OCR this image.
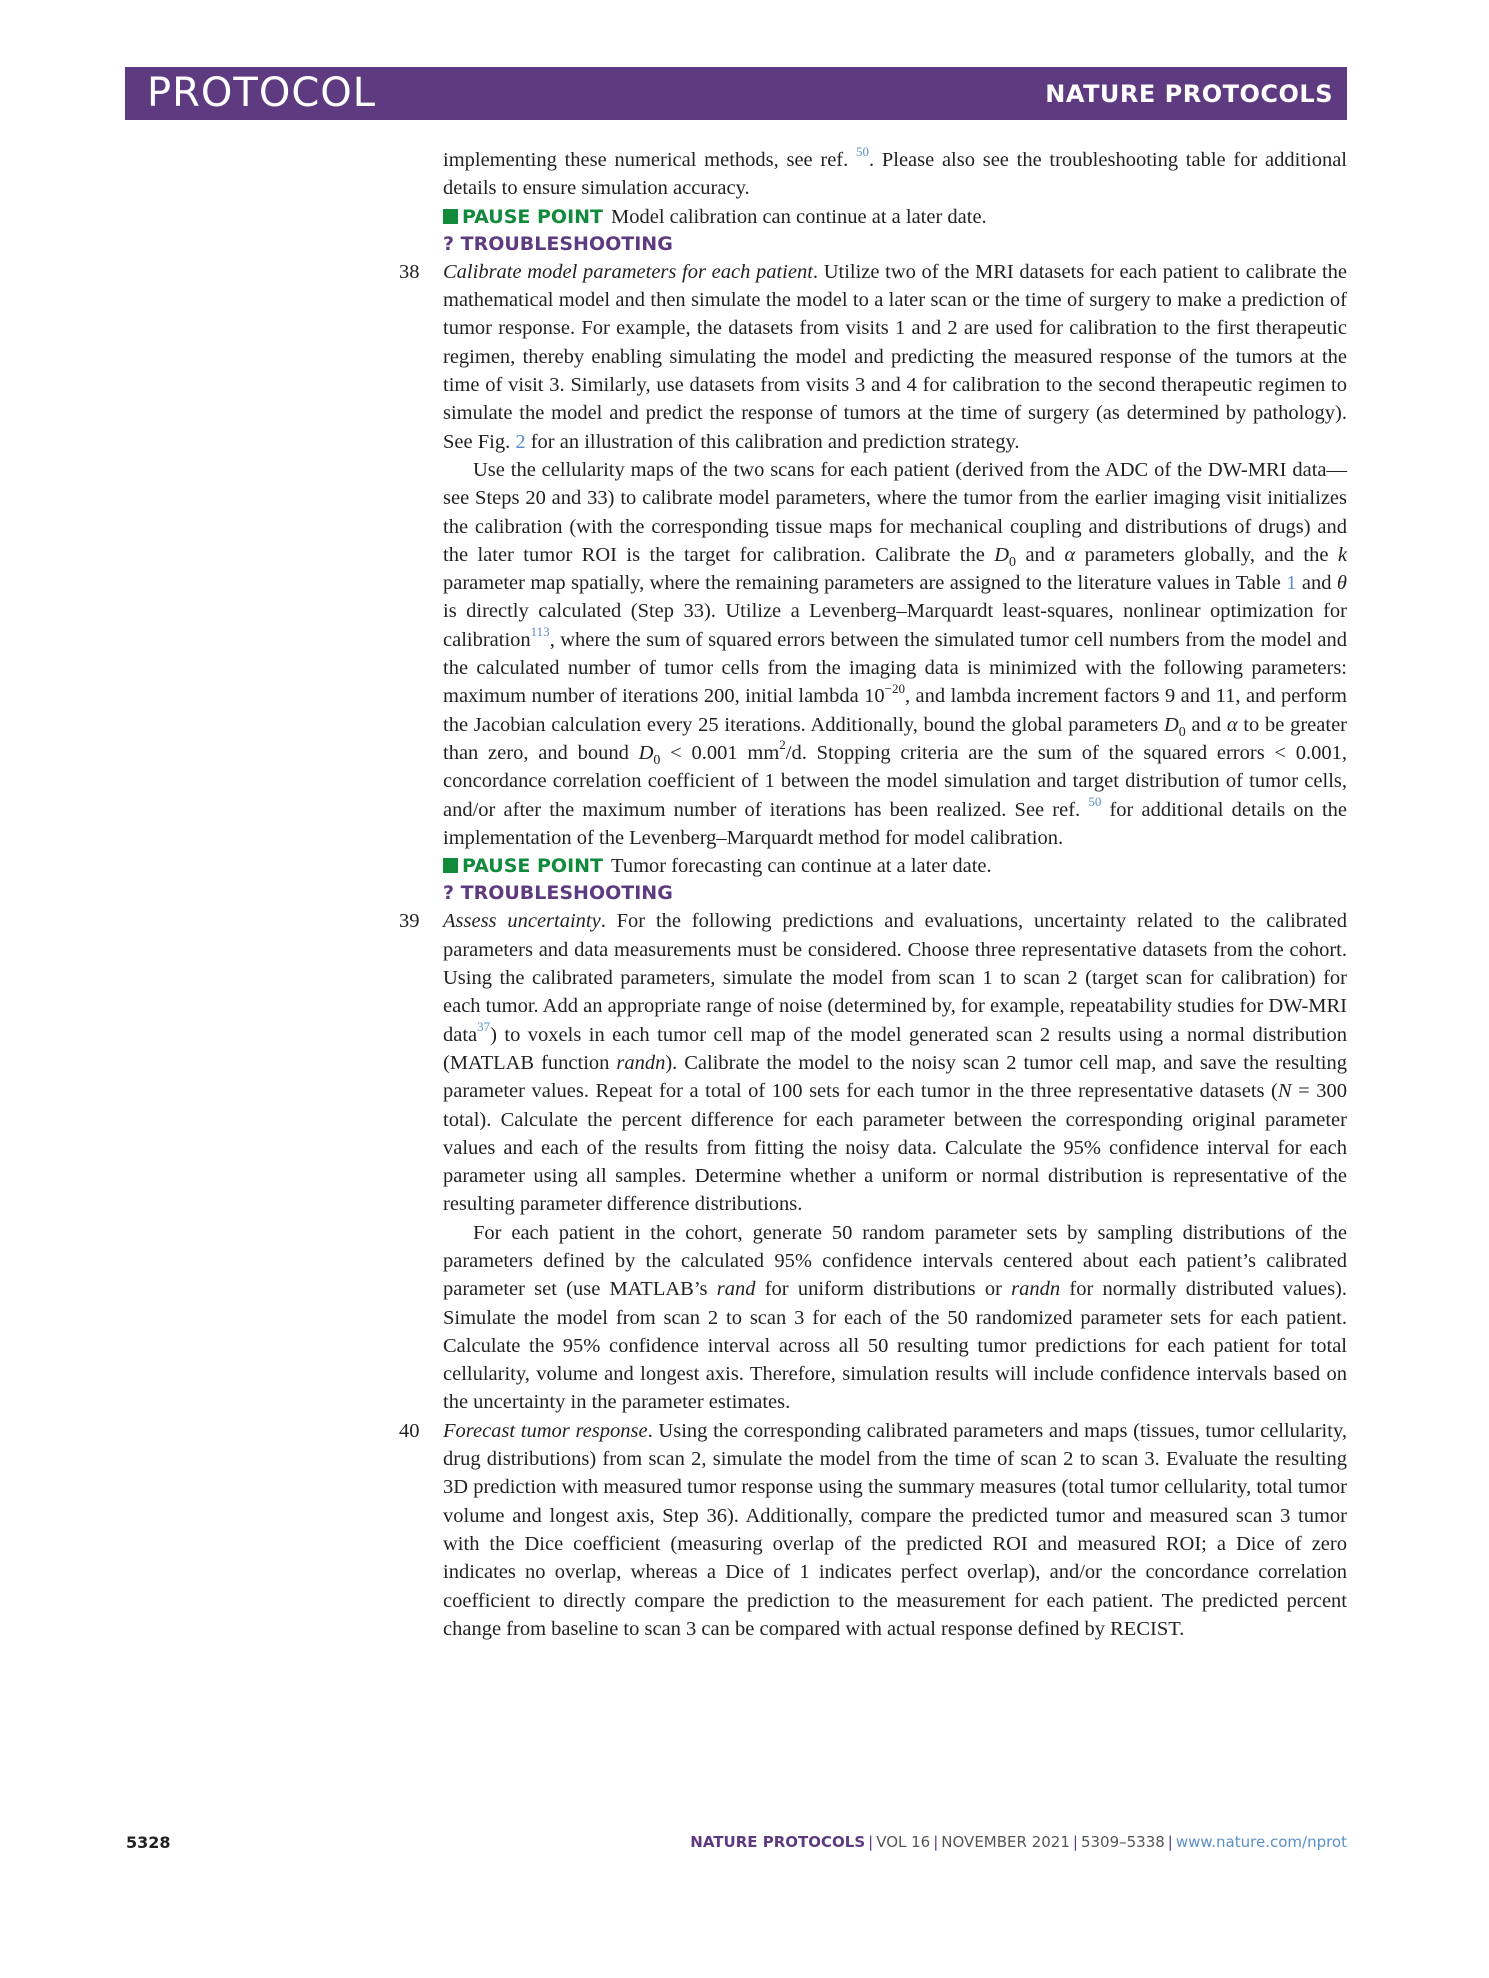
PROTOCOL	NATURE PROTOCOLS

implementing these numerical methods, see ref. $^{50}$. Please also see the troubleshooting table for additional details to ensure simulation accuracy.

PAUSE POINT Model calibration can continue at a later date.

? TROUBLESHOOTING

38 Calibrate model parameters for each patient. Utilize two of the MRI datasets for each patient to calibrate the mathematical model and then simulate the model to a later scan or the time of surgery to make a prediction of tumor response. For example, the datasets from visits 1 and 2 are used for calibration to the first therapeutic regimen, thereby enabling simulating the model and predicting the measured response of the tumors at the time of visit 3. Similarly, use datasets from visits 3 and 4 for calibration to the second therapeutic regimen to simulate the model and predict the response of tumors at the time of surgery (as determined by pathology). See Fig. 2 for an illustration of this calibration and prediction strategy.

Use the cellularity maps of the two scans for each patient (derived from the ADC of the DW-MRI data—see Steps 20 and 33) to calibrate model parameters, where the tumor from the earlier imaging visit initializes the calibration (with the corresponding tissue maps for mechanical coupling and distributions of drugs) and the later tumor ROI is the target for calibration. Calibrate the $D_0$ and α parameters globally, and the k parameter map spatially, where the remaining parameters are assigned to the literature values in Table 1 and θ is directly calculated (Step 33). Utilize a Levenberg–Marquardt least-squares, nonlinear optimization for calibration$^{113}$, where the sum of squared errors between the simulated tumor cell numbers from the model and the calculated number of tumor cells from the imaging data is minimized with the following parameters: maximum number of iterations 200, initial lambda $10^{-20}$, and lambda increment factors 9 and 11, and perform the Jacobian calculation every 25 iterations. Additionally, bound the global parameters $D_0$ and α to be greater than zero, and bound $D_0 < 0.001$ $mm^2/d$. Stopping criteria are the sum of the squared errors < 0.001, concordance correlation coefficient of 1 between the model simulation and target distribution of tumor cells, and/or after the maximum number of iterations has been realized. See ref. $^{50}$ for additional details on the implementation of the Levenberg–Marquardt method for model calibration.

PAUSE POINT Tumor forecasting can continue at a later date.

? TROUBLESHOOTING

39 Assess uncertainty. For the following predictions and evaluations, uncertainty related to the calibrated parameters and data measurements must be considered. Choose three representative datasets from the cohort. Using the calibrated parameters, simulate the model from scan 1 to scan 2 (target scan for calibration) for each tumor. Add an appropriate range of noise (determined by, for example, repeatability studies for DW-MRI data$^{37}$) to voxels in each tumor cell map of the model generated scan 2 results using a normal distribution (MATLAB function randn). Calibrate the model to the noisy scan 2 tumor cell map, and save the resulting parameter values. Repeat for a total of 100 sets for each tumor in the three representative datasets (N = 300 total). Calculate the percent difference for each parameter between the corresponding original parameter values and each of the results from fitting the noisy data. Calculate the 95% confidence interval for each parameter using all samples. Determine whether a uniform or normal distribution is representative of the resulting parameter difference distributions.

For each patient in the cohort, generate 50 random parameter sets by sampling distributions of the parameters defined by the calculated 95% confidence intervals centered about each patient’s calibrated parameter set (use MATLAB’s rand for uniform distributions or randn for normally distributed values). Simulate the model from scan 2 to scan 3 for each of the 50 randomized parameter sets for each patient. Calculate the 95% confidence interval across all 50 resulting tumor predictions for each patient for total cellularity, volume and longest axis. Therefore, simulation results will include confidence intervals based on the uncertainty in the parameter estimates.

40 Forecast tumor response. Using the corresponding calibrated parameters and maps (tissues, tumor cellularity, drug distributions) from scan 2, simulate the model from the time of scan 2 to scan 3. Evaluate the resulting 3D prediction with measured tumor response using the summary measures (total tumor cellularity, total tumor volume and longest axis, Step 36). Additionally, compare the predicted tumor and measured scan 3 tumor with the Dice coefficient (measuring overlap of the predicted ROI and measured ROI; a Dice of zero indicates no overlap, whereas a Dice of 1 indicates perfect overlap), and/or the concordance correlation coefficient to directly compare the prediction to the measurement for each patient. The predicted percent change from baseline to scan 3 can be compared with actual response defined by RECIST.

5328	NATURE PROTOCOLS | VOL 16 | NOVEMBER 2021 | 5309–5338 | www.nature.com/nprot
